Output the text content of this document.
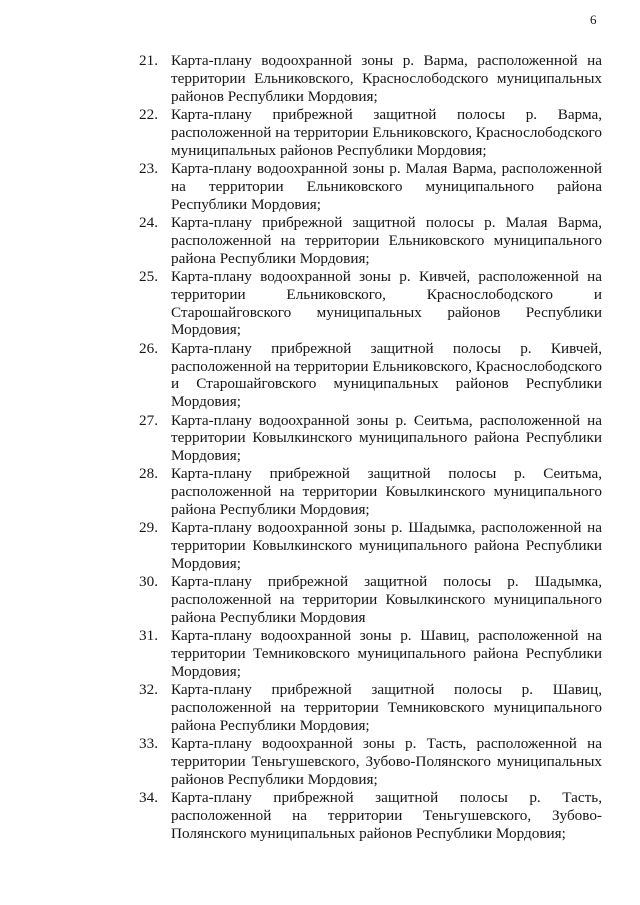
6
21. Карта-плану водоохранной зоны р. Варма, расположенной на территории Ельниковского, Краснослободского муниципальных районов Республики Мордовия;
22. Карта-плану прибрежной защитной полосы р. Варма, расположенной на территории Ельниковского, Краснослободского муниципальных районов Республики Мордовия;
23. Карта-плану водоохранной зоны р. Малая Варма, расположенной на территории Ельниковского муниципального района Республики Мордовия;
24. Карта-плану прибрежной защитной полосы р. Малая Варма, расположенной на территории Ельниковского муниципального района Республики Мордовия;
25. Карта-плану водоохранной зоны р. Кивчей, расположенной на территории Ельниковского, Краснослободского и Старошайговского муниципальных районов Республики Мордовия;
26. Карта-плану прибрежной защитной полосы р. Кивчей, расположенной на территории Ельниковского, Краснослободского и Старошайговского муниципальных районов Республики Мордовия;
27. Карта-плану водоохранной зоны р. Сеитьма, расположенной на территории Ковылкинского муниципального района Республики Мордовия;
28. Карта-плану прибрежной защитной полосы р. Сеитьма, расположенной на территории Ковылкинского муниципального района Республики Мордовия;
29. Карта-плану водоохранной зоны р. Шадымка, расположенной на территории Ковылкинского муниципального района Республики Мордовия;
30. Карта-плану прибрежной защитной полосы р. Шадымка, расположенной на территории Ковылкинского муниципального района Республики Мордовия
31. Карта-плану водоохранной зоны р. Шавиц, расположенной на территории Темниковского муниципального района Республики Мордовия;
32. Карта-плану прибрежной защитной полосы р. Шавиц, расположенной на территории Темниковского муниципального района Республики Мордовия;
33. Карта-плану водоохранной зоны р. Тасть, расположенной на территории Теньгушевского, Зубово-Полянского муниципальных районов Республики Мордовия;
34. Карта-плану прибрежной защитной полосы р. Тасть, расположенной на территории Теньгушевского, Зубово-Полянского муниципальных районов Республики Мордовия;
